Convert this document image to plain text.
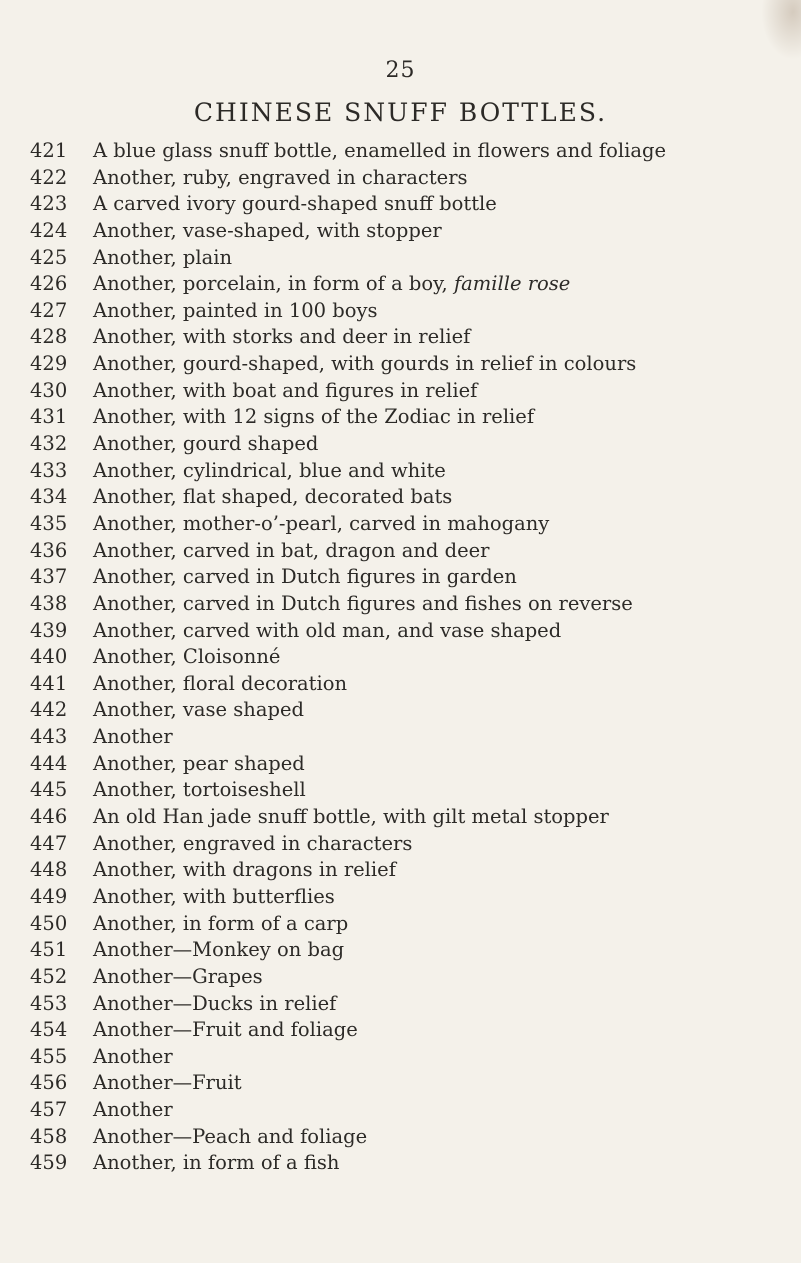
25
CHINESE SNUFF BOTTLES.
421 A blue glass snuff bottle, enamelled in flowers and foliage
422 Another, ruby, engraved in characters
423 A carved ivory gourd-shaped snuff bottle
424 Another, vase-shaped, with stopper
425 Another, plain
426 Another, porcelain, in form of a boy, famille rose
427 Another, painted in 100 boys
428 Another, with storks and deer in relief
429 Another, gourd-shaped, with gourds in relief in colours
430 Another, with boat and figures in relief
431 Another, with 12 signs of the Zodiac in relief
432 Another, gourd shaped
433 Another, cylindrical, blue and white
434 Another, flat shaped, decorated bats
435 Another, mother-o’-pearl, carved in mahogany
436 Another, carved in bat, dragon and deer
437 Another, carved in Dutch figures in garden
438 Another, carved in Dutch figures and fishes on reverse
439 Another, carved with old man, and vase shaped
440 Another, Cloisonné
441 Another, floral decoration
442 Another, vase shaped
443 Another
444 Another, pear shaped
445 Another, tortoiseshell
446 An old Han jade snuff bottle, with gilt metal stopper
447 Another, engraved in characters
448 Another, with dragons in relief
449 Another, with butterflies
450 Another, in form of a carp
451 Another—Monkey on bag
452 Another—Grapes
453 Another—Ducks in relief
454 Another—Fruit and foliage
455 Another
456 Another—Fruit
457 Another
458 Another—Peach and foliage
459 Another, in form of a fish
